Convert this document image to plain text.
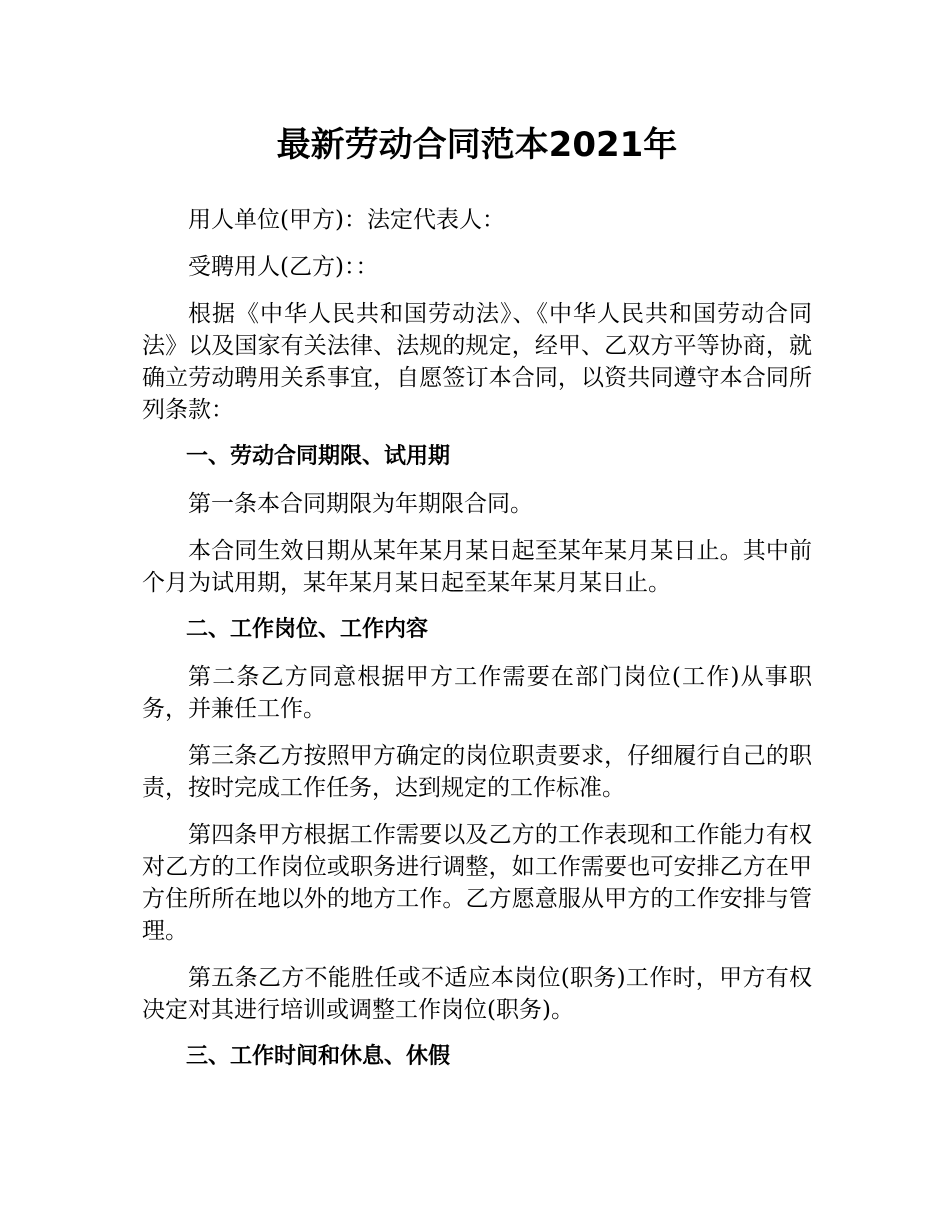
最新劳动合同范本2021年

用人单位(甲方)：法定代表人：

受聘用人(乙方)：：

根据《中华人民共和国劳动法》、《中华人民共和国劳动合同法》以及国家有关法律、法规的规定，经甲、乙双方平等协商，就确立劳动聘用关系事宜，自愿签订本合同，以资共同遵守本合同所列条款：

一、劳动合同期限、试用期

第一条本合同期限为年期限合同。

本合同生效日期从某年某月某日起至某年某月某日止。其中前个月为试用期，某年某月某日起至某年某月某日止。

二、工作岗位、工作内容

第二条乙方同意根据甲方工作需要在部门岗位(工作)从事职务，并兼任工作。

第三条乙方按照甲方确定的岗位职责要求，仔细履行自己的职责，按时完成工作任务，达到规定的工作标准。

第四条甲方根据工作需要以及乙方的工作表现和工作能力有权对乙方的工作岗位或职务进行调整，如工作需要也可安排乙方在甲方住所所在地以外的地方工作。乙方愿意服从甲方的工作安排与管理。

第五条乙方不能胜任或不适应本岗位(职务)工作时，甲方有权决定对其进行培训或调整工作岗位(职务)。

三、工作时间和休息、休假
